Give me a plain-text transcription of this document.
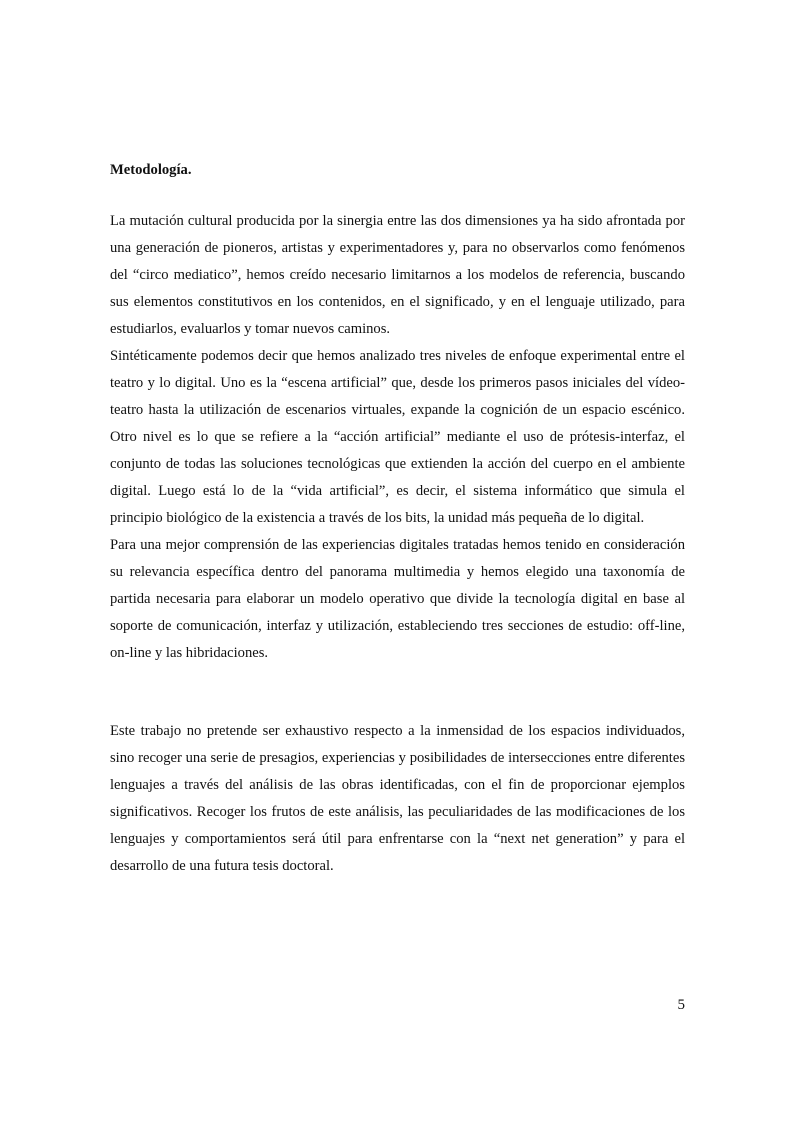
Metodología.

La mutación cultural producida por la sinergia entre las dos dimensiones ya ha sido afrontada por una generación de pioneros, artistas y experimentadores y, para no observarlos como fenómenos del “circo mediatico”, hemos creído necesario limitarnos a los modelos de referencia, buscando sus elementos constitutivos en los contenidos, en el significado, y en el lenguaje utilizado, para estudiarlos, evaluarlos y tomar nuevos caminos.

Sintéticamente podemos decir que hemos analizado tres niveles de enfoque experimental entre el teatro y lo digital. Uno es la “escena artificial” que, desde los primeros pasos iniciales del vídeo-teatro hasta la utilización de escenarios virtuales, expande la cognición de un espacio escénico. Otro nivel es lo que se refiere a la “acción artificial” mediante el uso de prótesis-interfaz, el conjunto de todas las soluciones tecnológicas que extienden la acción del cuerpo en el ambiente digital. Luego está lo de la “vida artificial”, es decir, el sistema informático que simula el principio biológico de la existencia a través de los bits, la unidad más pequeña de lo digital.

Para una mejor comprensión de las experiencias digitales tratadas hemos tenido en consideración su relevancia específica dentro del panorama multimedia y hemos elegido una taxonomía de partida necesaria para elaborar un modelo operativo que divide la tecnología digital en base al soporte de comunicación, interfaz y utilización, estableciendo tres secciones de estudio: off-line, on-line y las hibridaciones.

Este trabajo no pretende ser exhaustivo respecto a la inmensidad de los espacios individuados, sino recoger una serie de presagios, experiencias y posibilidades de intersecciones entre diferentes lenguajes a través del análisis de las obras identificadas, con el fin de proporcionar ejemplos significativos. Recoger los frutos de este análisis, las peculiaridades de las modificaciones de los lenguajes y comportamientos será útil para enfrentarse con la “next net generation” y para el desarrollo de una futura tesis doctoral.

5
